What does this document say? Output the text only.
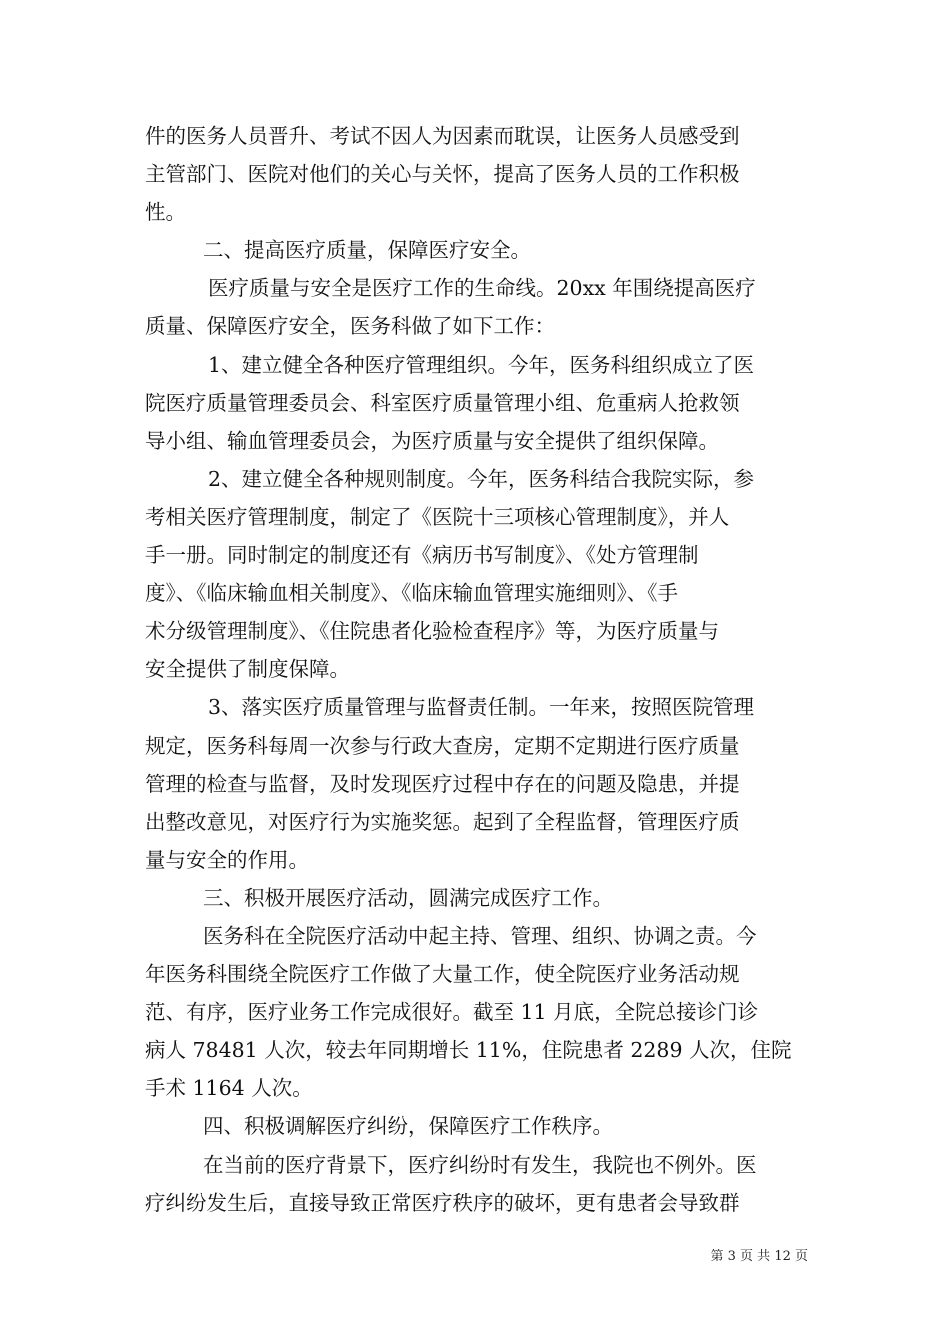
件的医务人员晋升、考试不因人为因素而耽误，让医务人员感受到
主管部门、医院对他们的关心与关怀，提高了医务人员的工作积极
性。
二、提高医疗质量，保障医疗安全。
医疗质量与安全是医疗工作的生命线。20xx 年围绕提高医疗
质量、保障医疗安全，医务科做了如下工作：
1、建立健全各种医疗管理组织。今年，医务科组织成立了医
院医疗质量管理委员会、科室医疗质量管理小组、危重病人抢救领
导小组、输血管理委员会，为医疗质量与安全提供了组织保障。
2、建立健全各种规则制度。今年，医务科结合我院实际，参
考相关医疗管理制度，制定了《医院十三项核心管理制度》，并人
手一册。同时制定的制度还有《病历书写制度》、《处方管理制
度》、《临床输血相关制度》、《临床输血管理实施细则》、《手
术分级管理制度》、《住院患者化验检查程序》等，为医疗质量与
安全提供了制度保障。
3、落实医疗质量管理与监督责任制。一年来，按照医院管理
规定，医务科每周一次参与行政大查房，定期不定期进行医疗质量
管理的检查与监督，及时发现医疗过程中存在的问题及隐患，并提
出整改意见，对医疗行为实施奖惩。起到了全程监督，管理医疗质
量与安全的作用。
三、积极开展医疗活动，圆满完成医疗工作。
医务科在全院医疗活动中起主持、管理、组织、协调之责。今
年医务科围绕全院医疗工作做了大量工作，使全院医疗业务活动规
范、有序，医疗业务工作完成很好。截至 11 月底，全院总接诊门诊
病人 78481 人次，较去年同期增长 11%，住院患者 2289 人次，住院
手术 1164 人次。
四、积极调解医疗纠纷，保障医疗工作秩序。
在当前的医疗背景下，医疗纠纷时有发生，我院也不例外。医
疗纠纷发生后，直接导致正常医疗秩序的破坏，更有患者会导致群
第 3 页 共 12 页
